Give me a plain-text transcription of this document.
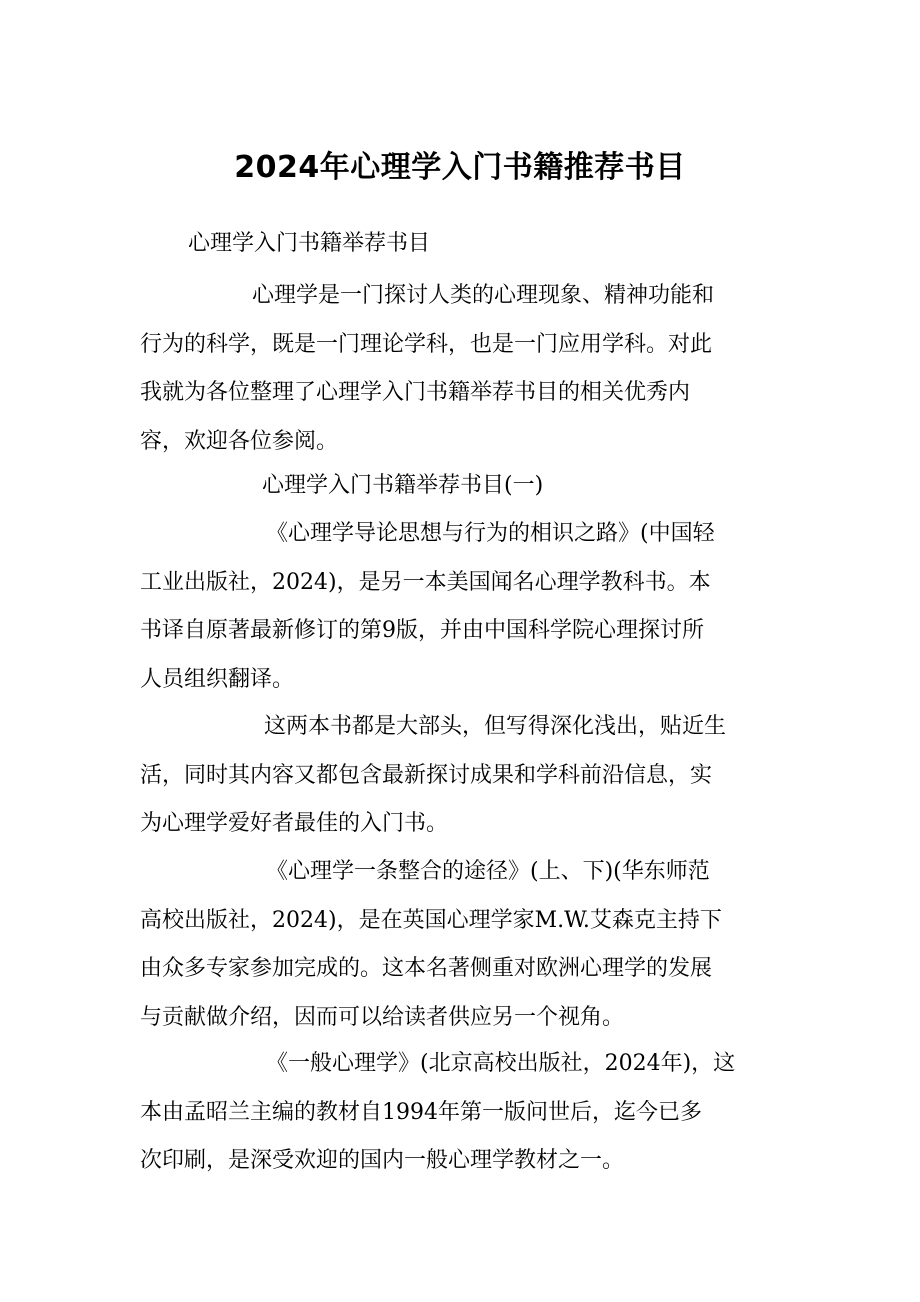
2024年心理学入门书籍推荐书目
心理学入门书籍举荐书目
心理学是一门探讨人类的心理现象、精神功能和
行为的科学，既是一门理论学科，也是一门应用学科。对此
我就为各位整理了心理学入门书籍举荐书目的相关优秀内
容，欢迎各位参阅。
心理学入门书籍举荐书目(一)
《心理学导论思想与行为的相识之路》(中国轻
工业出版社，2024)，是另一本美国闻名心理学教科书。本
书译自原著最新修订的第9版，并由中国科学院心理探讨所
人员组织翻译。
这两本书都是大部头，但写得深化浅出，贴近生
活，同时其内容又都包含最新探讨成果和学科前沿信息，实
为心理学爱好者最佳的入门书。
《心理学一条整合的途径》(上、下)(华东师范
高校出版社，2024)，是在英国心理学家M.W.艾森克主持下
由众多专家参加完成的。这本名著侧重对欧洲心理学的发展
与贡献做介绍，因而可以给读者供应另一个视角。
《一般心理学》(北京高校出版社，2024年)，这
本由孟昭兰主编的教材自1994年第一版问世后，迄今已多
次印刷，是深受欢迎的国内一般心理学教材之一。
